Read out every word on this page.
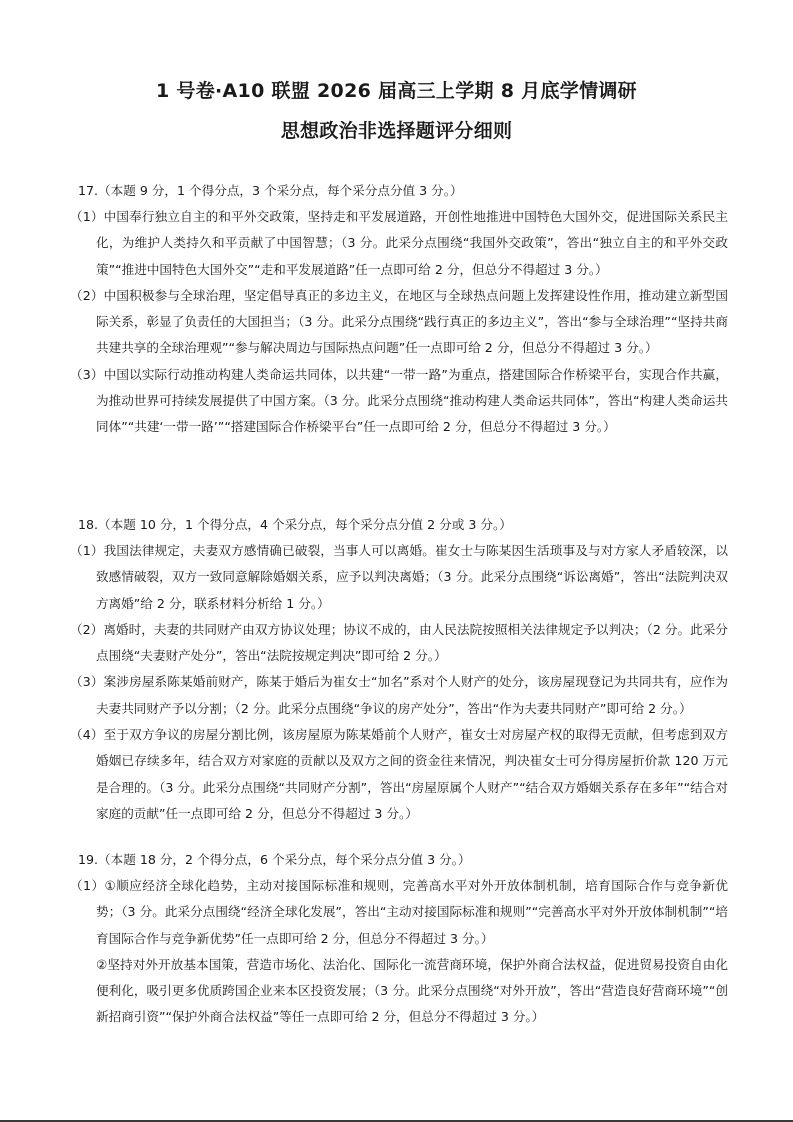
1 号卷·A10 联盟 2026 届高三上学期 8 月底学情调研
思想政治非选择题评分细则
17.（本题 9 分，1 个得分点，3 个采分点，每个采分点分值 3 分。）
（1）中国奉行独立自主的和平外交政策，坚持走和平发展道路，开创性地推进中国特色大国外交，促进国际关系民主化，为维护人类持久和平贡献了中国智慧；（3 分。此采分点围绕“我国外交政策”，答出“独立自主的和平外交政策”“推进中国特色大国外交”“走和平发展道路”任一点即可给 2 分，但总分不得超过 3 分。）
（2）中国积极参与全球治理，坚定倡导真正的多边主义，在地区与全球热点问题上发挥建设性作用，推动建立新型国际关系，彰显了负责任的大国担当；（3 分。此采分点围绕“践行真正的多边主义”，答出“参与全球治理”“坚持共商共建共享的全球治理观”“参与解决周边与国际热点问题”任一点即可给 2 分，但总分不得超过 3 分。）
（3）中国以实际行动推动构建人类命运共同体，以共建“一带一路”为重点，搭建国际合作桥梁平台，实现合作共赢，为推动世界可持续发展提供了中国方案。（3 分。此采分点围绕“推动构建人类命运共同体”，答出“构建人类命运共同体”“共建‘一带一路’”“搭建国际合作桥梁平台”任一点即可给 2 分，但总分不得超过 3 分。）
18.（本题 10 分，1 个得分点，4 个采分点，每个采分点分值 2 分或 3 分。）
（1）我国法律规定，夫妻双方感情确已破裂，当事人可以离婚。崔女士与陈某因生活琐事及与对方家人矛盾较深，以致感情破裂，双方一致同意解除婚姻关系，应予以判决离婚；（3 分。此采分点围绕“诉讼离婚”，答出“法院判决双方离婚”给 2 分，联系材料分析给 1 分。）
（2）离婚时，夫妻的共同财产由双方协议处理；协议不成的，由人民法院按照相关法律规定予以判决；（2 分。此采分点围绕“夫妻财产处分”，答出“法院按规定判决”即可给 2 分。）
（3）案涉房屋系陈某婚前财产，陈某于婚后为崔女士“加名”系对个人财产的处分，该房屋现登记为共同共有，应作为夫妻共同财产予以分割；（2 分。此采分点围绕“争议的房产处分”，答出“作为夫妻共同财产”即可给 2 分。）
（4）至于双方争议的房屋分割比例，该房屋原为陈某婚前个人财产，崔女士对房屋产权的取得无贡献，但考虑到双方婚姻已存续多年，结合双方对家庭的贡献以及双方之间的资金往来情况，判决崔女士可分得房屋折价款 120 万元是合理的。（3 分。此采分点围绕“共同财产分割”，答出“房屋原属个人财产”“结合双方婚姻关系存在多年”“结合对家庭的贡献”任一点即可给 2 分，但总分不得超过 3 分。）
19.（本题 18 分，2 个得分点，6 个采分点，每个采分点分值 3 分。）
（1）①顺应经济全球化趋势，主动对接国际标准和规则，完善高水平对外开放体制机制，培育国际合作与竞争新优势；（3 分。此采分点围绕“经济全球化发展”，答出“主动对接国际标准和规则”“完善高水平对外开放体制机制”“培育国际合作与竞争新优势”任一点即可给 2 分，但总分不得超过 3 分。）
②坚持对外开放基本国策，营造市场化、法治化、国际化一流营商环境，保护外商合法权益，促进贸易投资自由化便利化，吸引更多优质跨国企业来本区投资发展；（3 分。此采分点围绕“对外开放”，答出“营造良好营商环境”“创新招商引资”“保护外商合法权益”等任一点即可给 2 分，但总分不得超过 3 分。）
